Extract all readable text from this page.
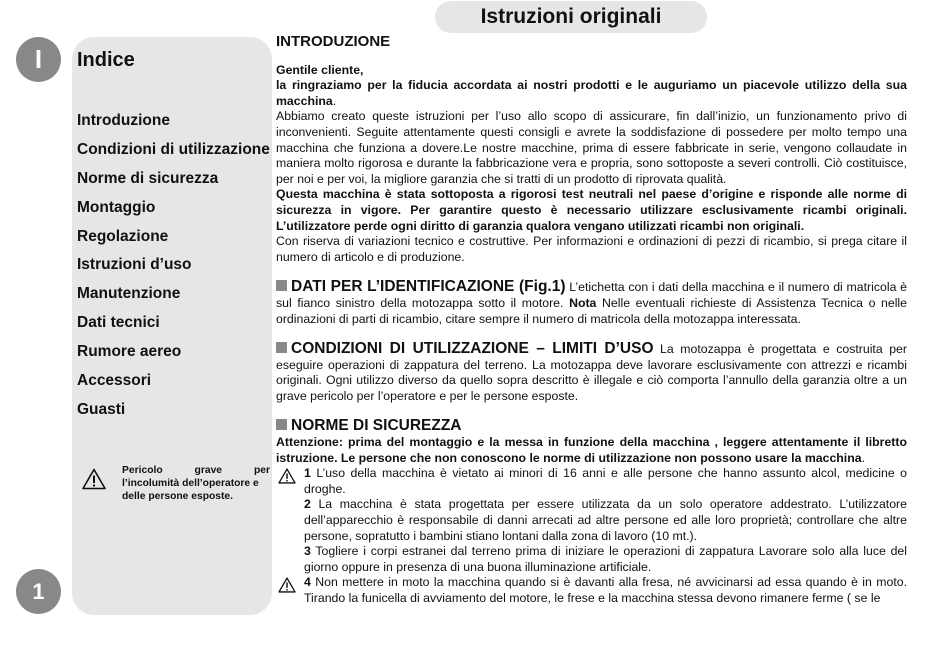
Istruzioni originali
I
1
Indice
Introduzione
Condizioni di utilizzazione
Norme di sicurezza
Montaggio
Regolazione
Istruzioni d’uso
Manutenzione
Dati tecnici
Rumore aereo
Accessori
Guasti
Pericolo grave per
l’incolumità dell’operatore e delle persone esposte.
INTRODUZIONE

Gentile cliente,
la ringraziamo per la fiducia accordata ai nostri prodotti e le auguriamo un piacevole utilizzo della sua macchina.

Abbiamo creato queste istruzioni per l’uso allo scopo di assicurare, fin dall’inizio, un funzionamento privo di inconvenienti. Seguite attentamente questi consigli e avrete la soddisfazione di possedere per molto tempo una macchina che funziona a dovere.Le nostre macchine, prima di essere fabbricate in serie, vengono collaudate in maniera molto rigorosa e durante la fabbricazione vera e propria, sono sottoposte a severi controlli. Ciò costituisce, per noi e per voi, la migliore garanzia che si tratti di un prodotto di riprovata qualità.

Questa macchina è stata sottoposta a rigorosi test neutrali nel paese d’origine e risponde alle norme di sicurezza in vigore. Per garantire questo è necessario utilizzare esclusivamente ricambi originali. L’utilizzatore perde ogni diritto di garanzia qualora vengano utilizzati ricambi non originali.

Con riserva di variazioni tecnico e costruttive. Per informazioni e ordinazioni di pezzi di ricambio, si prega citare il numero di articolo e di produzione.

DATI PER L’IDENTIFICAZIONE (Fig.1) L’etichetta con i dati della macchina e il numero di matricola è sul fianco sinistro della motozappa sotto il motore. Nota Nelle eventuali richieste di Assistenza Tecnica o nelle ordinazioni di parti di ricambio, citare sempre il numero di matricola della motozappa interessata.

CONDIZIONI DI UTILIZZAZIONE – LIMITI D’USO La motozappa è progettata e costruita per eseguire operazioni di zappatura del terreno. La motozappa deve lavorare esclusivamente con attrezzi e ricambi originali. Ogni utilizzo diverso da quello sopra descritto è illegale e ciò comporta l’annullo della garanzia oltre a un grave pericolo per l’operatore e per le persone esposte.

NORME DI SICUREZZA

Attenzione: prima del montaggio e la messa in funzione della macchina , leggere attentamente il libretto istruzione. Le persone che non conoscono le norme di utilizzazione non possono usare la macchina.

1 L’uso della macchina è vietato ai minori di 16 anni e alle persone che hanno assunto alcol, medicine o droghe.

2 La macchina è stata progettata per essere utilizzata da un solo operatore addestrato. L’utilizzatore dell’apparecchio è responsabile di danni arrecati ad altre persone ed alle loro proprietà; controllare che altre persone, sopratutto i bambini stiano lontani dalla zona di lavoro (10 mt.).

3 Togliere i corpi estranei dal terreno prima di iniziare le operazioni di zappatura Lavorare solo alla luce del giorno oppure in presenza di una buona illuminazione artificiale.

4 Non mettere in moto la macchina quando si è davanti alla fresa, né avvicinarsi ad essa quando è in moto. Tirando la funicella di avviamento del motore, le frese e la macchina stessa devono rimanere ferme ( se le
